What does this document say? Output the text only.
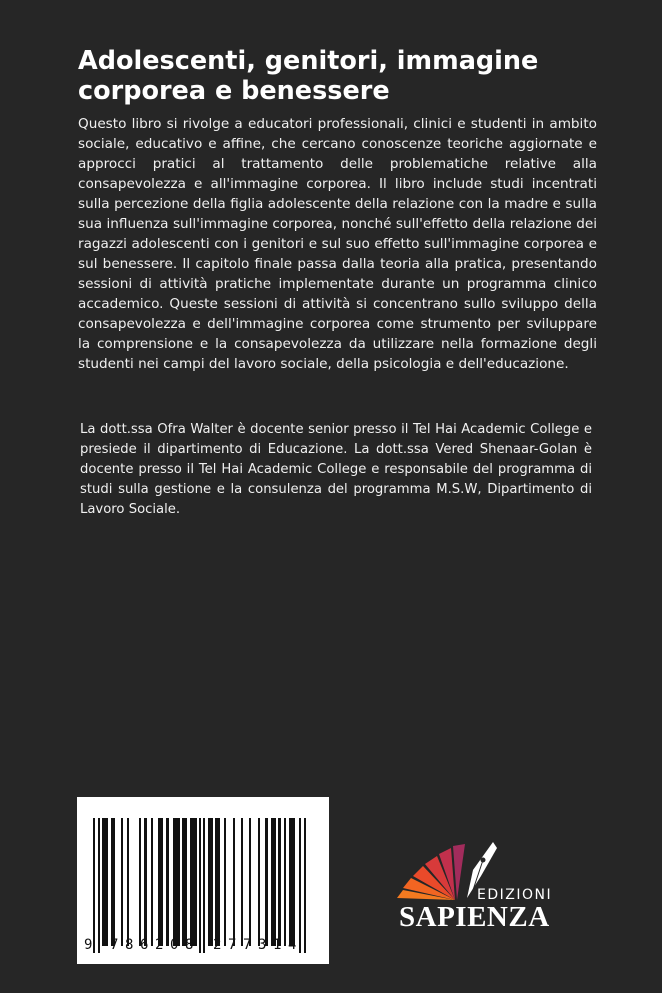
Adolescenti, genitori, immagine corporea e benessere

Questo libro si rivolge a educatori professionali, clinici e studenti in ambito sociale, educativo e affine, che cercano conoscenze teoriche aggiornate e approcci pratici al trattamento delle problematiche relative alla consapevolezza e all'immagine corporea. Il libro include studi incentrati sulla percezione della figlia adolescente della relazione con la madre e sulla sua influenza sull'immagine corporea, nonché sull'effetto della relazione dei ragazzi adolescenti con i genitori e sul suo effetto sull'immagine corporea e sul benessere. Il capitolo finale passa dalla teoria alla pratica, presentando sessioni di attività pratiche implementate durante un programma clinico accademico. Queste sessioni di attività si concentrano sullo sviluppo della consapevolezza e dell'immagine corporea come strumento per sviluppare la comprensione e la consapevolezza da utilizzare nella formazione degli studenti nei campi del lavoro sociale, della psicologia e dell'educazione.

La dott.ssa Ofra Walter è docente senior presso il Tel Hai Academic College e presiede il dipartimento di Educazione. La dott.ssa Vered Shenaar-Golan è docente presso il Tel Hai Academic College e responsabile del programma di studi sulla gestione e la consulenza del programma M.S.W, Dipartimento di Lavoro Sociale.

9 7 8 6 2 0 8 2 7 7 3 1 4
EDIZIONI
SAPIENZA
